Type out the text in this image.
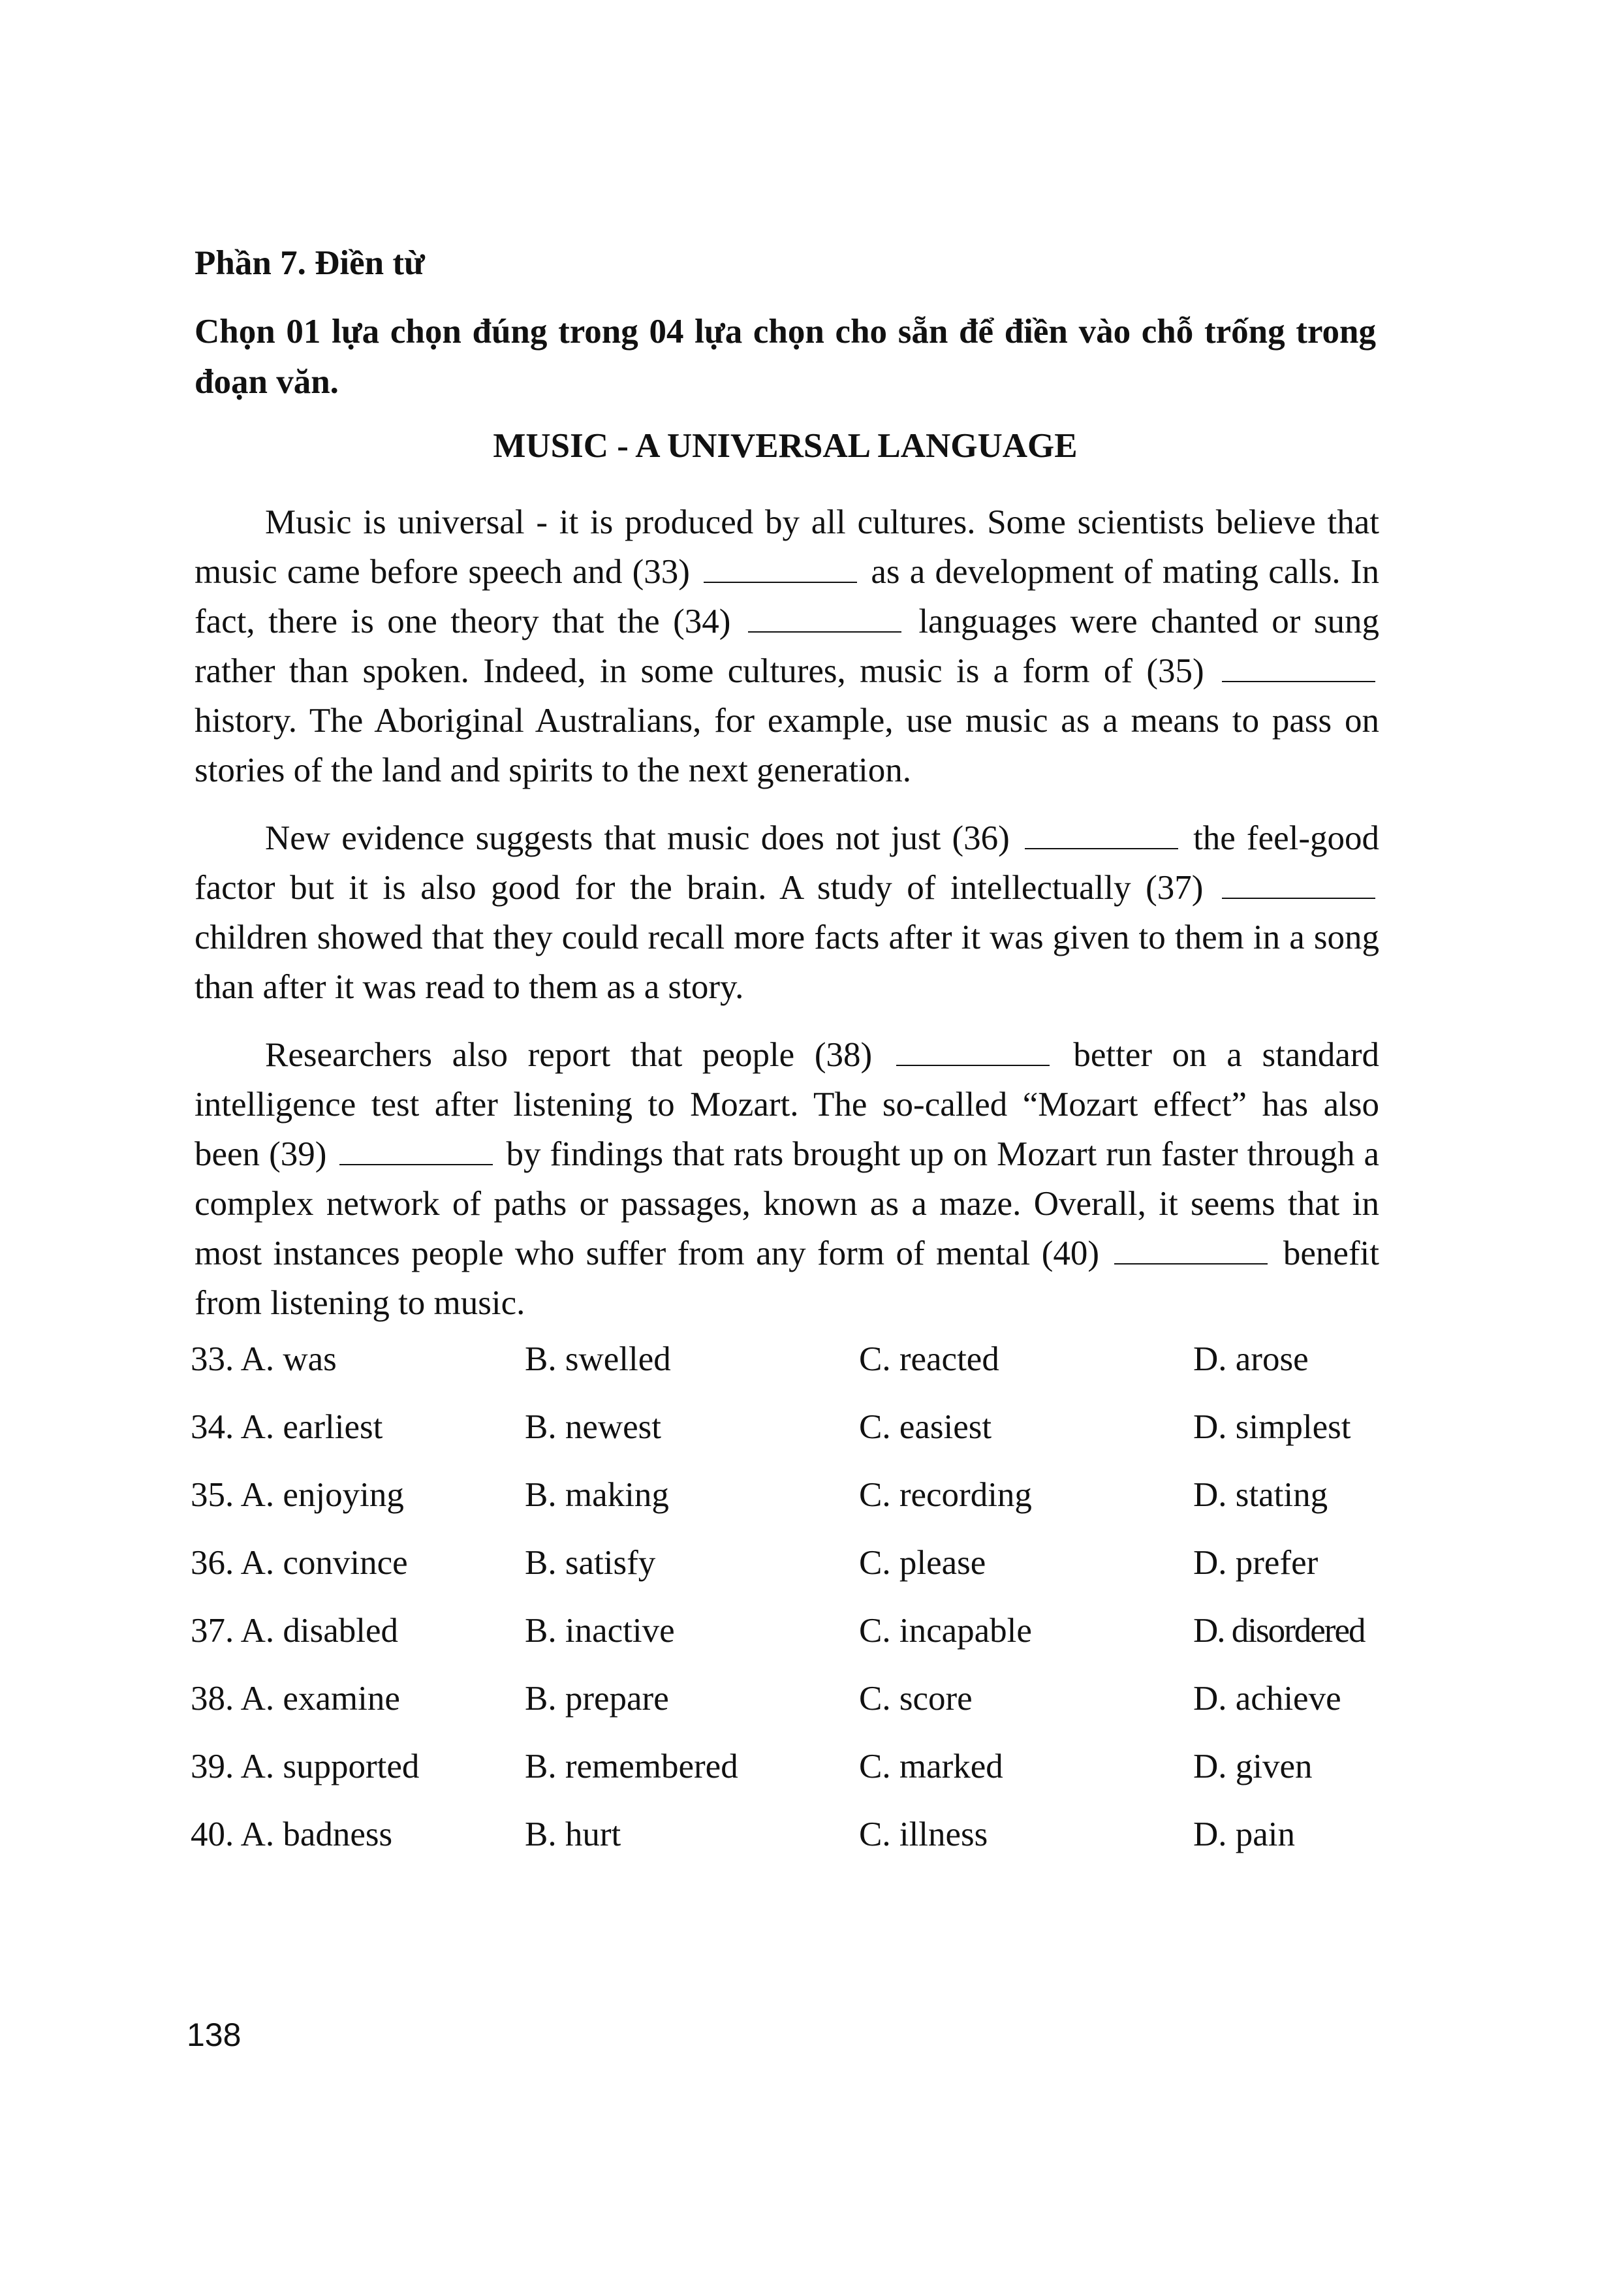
Phần 7. Điền từ
Chọn 01 lựa chọn đúng trong 04 lựa chọn cho sẵn để điền vào chỗ trống trong đoạn văn.
MUSIC - A UNIVERSAL LANGUAGE

Music is universal - it is produced by all cultures. Some scientists believe that music came before speech and (33)	as a development of mating calls. In fact, there is one theory that the (34)	languages were chanted or sung rather than spoken. Indeed, in some cultures, music is a form of (35)  history. The Aboriginal Australians, for example, use music as a means to pass on stories of the land and spirits to the next generation.

New evidence suggests that music does not just (36)	the feel-good factor but it is also good for the brain. A study of intellectually (37)  children showed that they could recall more facts after it was given to them in a song than after it was read to them as a story.

Researchers also report that people (38)	better on a standard intelligence test after listening to Mozart. The so-called “Mozart effect” has also been (39)	by findings that rats brought up on Mozart run faster through a complex network of paths or passages, known as a maze. Overall, it seems that in most instances people who suffer from any form of mental (40)	benefit from listening to music.

33. A. was	B. swelled	C. reacted	D. arose
34. A. earliest	B. newest	C. easiest	D. simplest
35. A. enjoying	B. making	C. recording	D. stating
36. A. convince	B. satisfy	C. please	D. prefer
37. A. disabled	B. inactive	C. incapable	D. disordered
38. A. examine	B. prepare	C. score	D. achieve
39. A. supported	B. remembered	C. marked	D. given
40. A. badness	B. hurt	C. illness	D. pain
138
